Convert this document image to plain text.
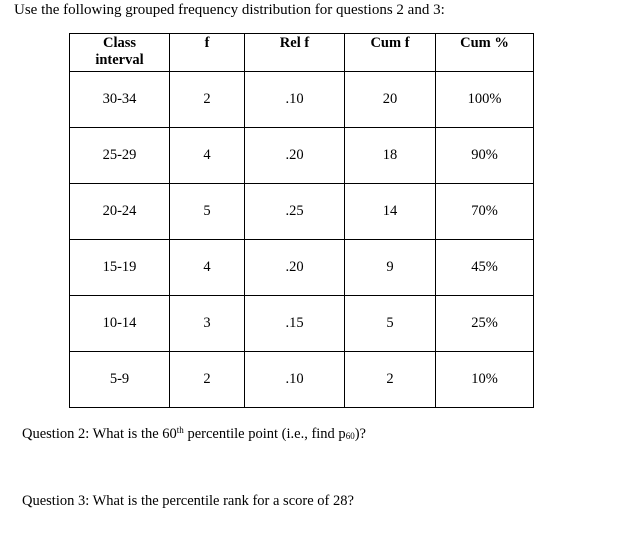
Use the following grouped frequency distribution for questions 2 and 3:
Class
interval	f	Rel f	Cum f	Cum %
30-34	2	.10	20	100%
25-29	4	.20	18	90%
20-24	5	.25	14	70%
15-19	4	.20	9	45%
10-14	3	.15	5	25%
5-9	2	.10	2	10%
Question 2: What is the 60th percentile point (i.e., find $p_{60}$)?
Question 3: What is the percentile rank for a score of 28?
